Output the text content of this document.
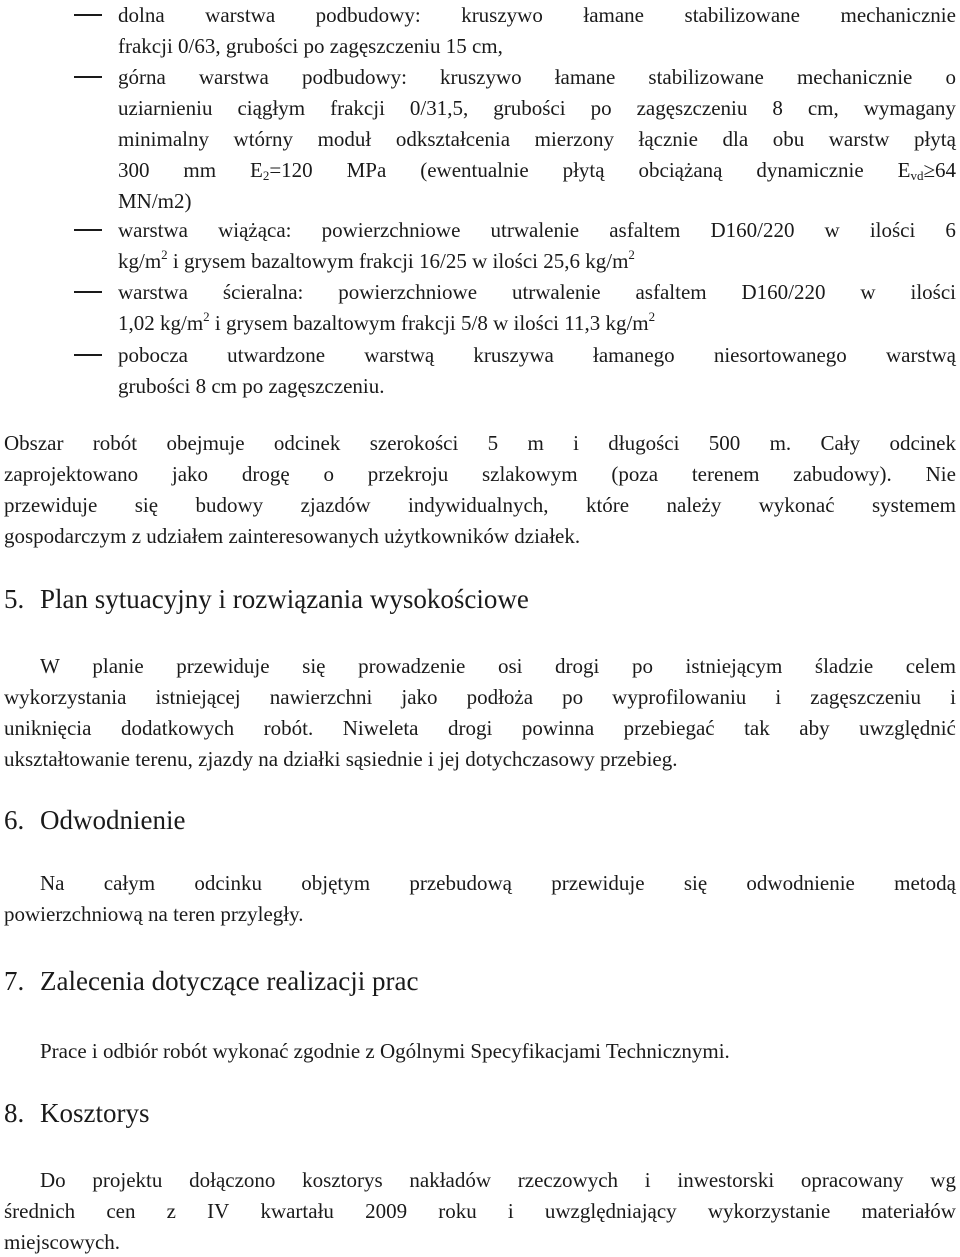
dolna warstwa podbudowy: kruszywo łamane stabilizowane mechanicznie
frakcji 0/63, grubości po zagęszczeniu 15 cm,
górna warstwa podbudowy: kruszywo łamane stabilizowane mechanicznie o
uziarnieniu ciągłym frakcji 0/31,5, grubości po zagęszczeniu 8 cm, wymagany
minimalny wtórny moduł odkształcenia mierzony łącznie dla obu warstw płytą
300 mm $E_2=120$ MPa (ewentualnie płytą obciążaną dynamicznie $E_{vd}\ge 64$
MN/m2)
warstwa wiążąca: powierzchniowe utrwalenie asfaltem D160/220 w ilości 6
$kg/m^2$ i grysem bazaltowym frakcji 16/25 w ilości 25,6 $kg/m^2$
warstwa ścieralna: powierzchniowe utrwalenie asfaltem D160/220 w ilości
1,02 $kg/m^2$ i grysem bazaltowym frakcji 5/8 w ilości 11,3 $kg/m^2$
pobocza utwardzone warstwą kruszywa łamanego niesortowanego warstwą
grubości 8 cm po zagęszczeniu.
Obszar robót obejmuje odcinek szerokości 5 m i długości 500 m. Cały odcinek
zaprojektowano jako drogę o przekroju szlakowym (poza terenem zabudowy). Nie
przewiduje się budowy zjazdów indywidualnych, które należy wykonać systemem
gospodarczym z udziałem zainteresowanych użytkowników działek.
5. Plan sytuacyjny i rozwiązania wysokościowe
W planie przewiduje się prowadzenie osi drogi po istniejącym śladzie celem
wykorzystania istniejącej nawierzchni jako podłoża po wyprofilowaniu i zagęszczeniu i
uniknięcia dodatkowych robót. Niweleta drogi powinna przebiegać tak aby uwzględnić
ukształtowanie terenu, zjazdy na działki sąsiednie i jej dotychczasowy przebieg.
6. Odwodnienie
Na całym odcinku objętym przebudową przewiduje się odwodnienie metodą
powierzchniową na teren przyległy.
7. Zalecenia dotyczące realizacji prac
Prace i odbiór robót wykonać zgodnie z Ogólnymi Specyfikacjami Technicznymi.
8. Kosztorys
Do projektu dołączono kosztorys nakładów rzeczowych i inwestorski opracowany wg
średnich cen z IV kwartału 2009 roku i uwzględniający wykorzystanie materiałów
miejscowych.
